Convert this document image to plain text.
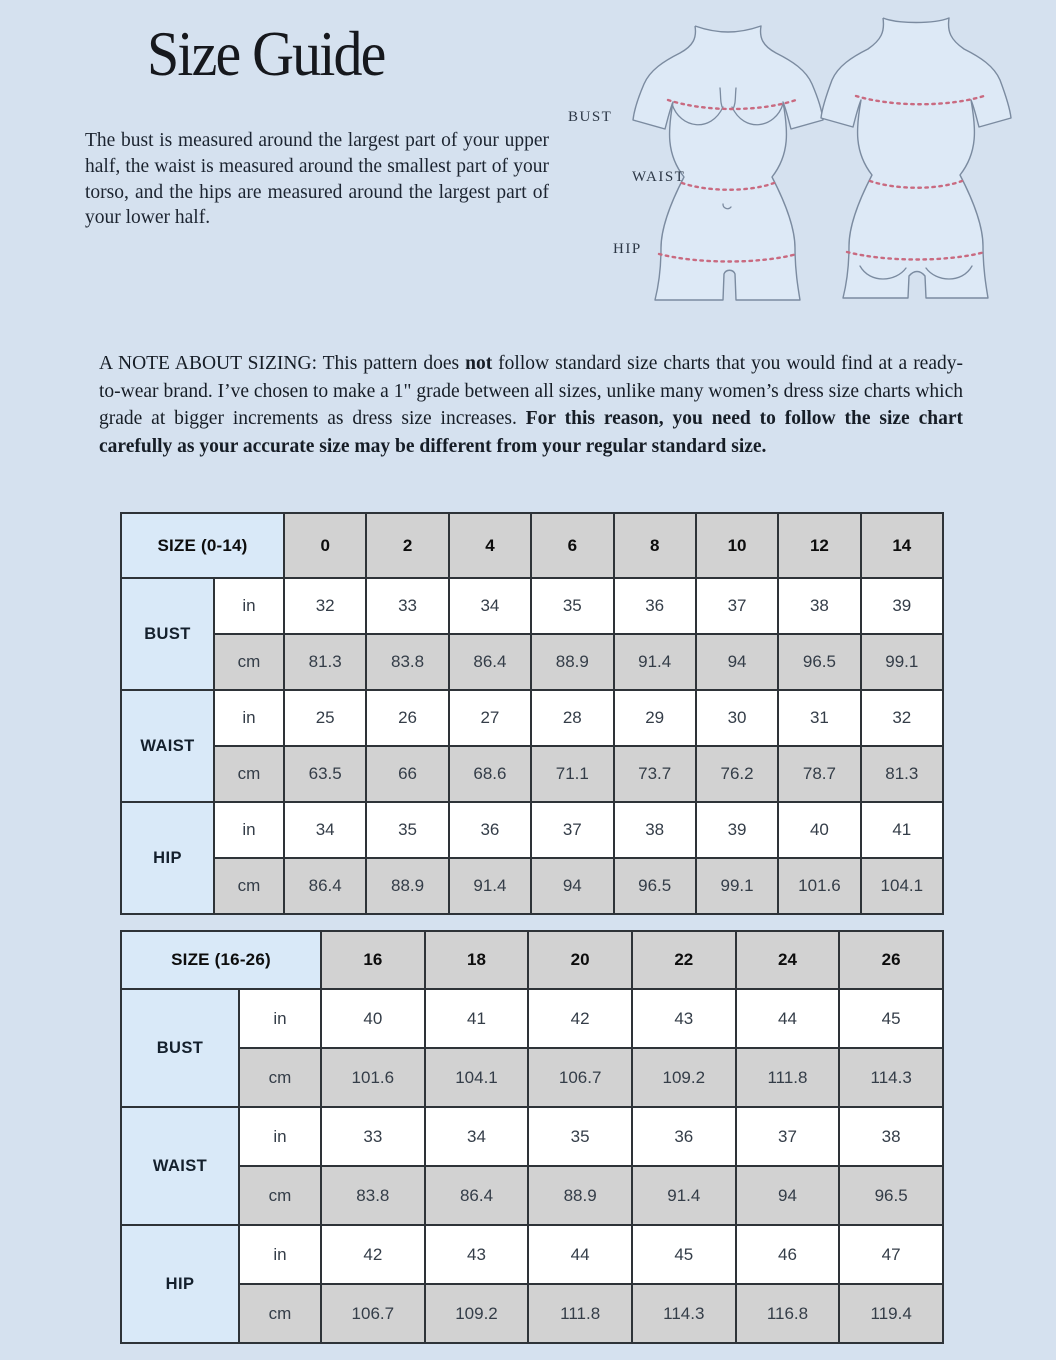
Size Guide

The bust is measured around the largest part of your upper half, the waist is measured around the smallest part of your torso, and the hips are measured around the largest part of your lower half.

BUST
WAIST
HIP

A NOTE ABOUT SIZING: This pattern does not follow standard size charts that you would find at a ready-to-wear brand. I’ve chosen to make a 1" grade between all sizes, unlike many women’s dress size charts which grade at bigger increments as dress size increases. For this reason, you need to follow the size chart carefully as your accurate size may be different from your regular standard size.

SIZE (0-14)		0	2	4	6	8	10	12	14
BUST	in	32	33	34	35	36	37	38	39
	cm	81.3	83.8	86.4	88.9	91.4	94	96.5	99.1
WAIST	in	25	26	27	28	29	30	31	32
	cm	63.5	66	68.6	71.1	73.7	76.2	78.7	81.3
HIP	in	34	35	36	37	38	39	40	41
	cm	86.4	88.9	91.4	94	96.5	99.1	101.6	104.1
SIZE (16-26)		16	18	20	22	24	26
BUST	in	40	41	42	43	44	45
	cm	101.6	104.1	106.7	109.2	111.8	114.3
WAIST	in	33	34	35	36	37	38
	cm	83.8	86.4	88.9	91.4	94	96.5
HIP	in	42	43	44	45	46	47
	cm	106.7	109.2	111.8	114.3	116.8	119.4
